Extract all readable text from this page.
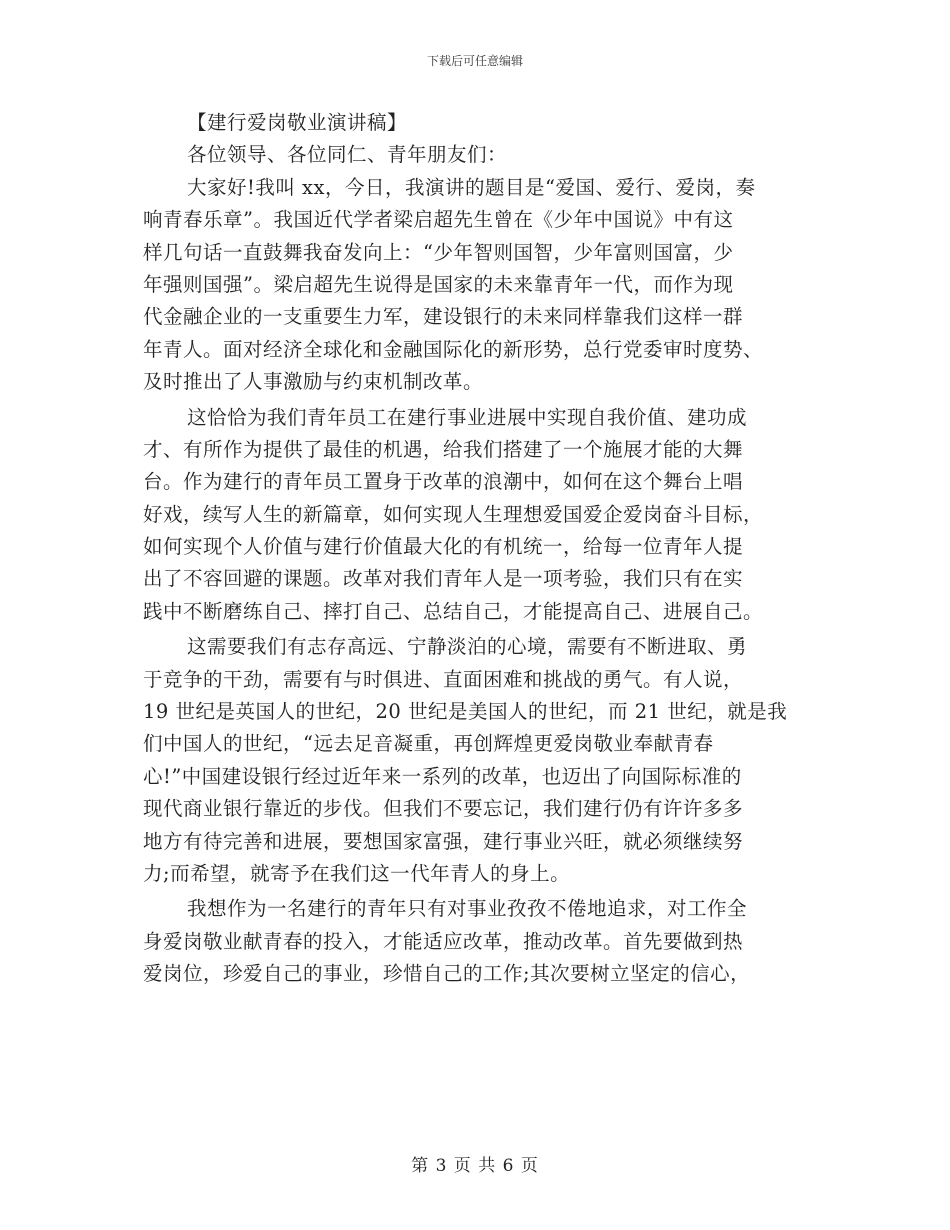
下载后可任意编辑
【建行爱岗敬业演讲稿】
各位领导、各位同仁、青年朋友们：
大家好!我叫 xx，今日，我演讲的题目是“爱国、爱行、爱岗，奏
响青春乐章”。我国近代学者梁启超先生曾在《少年中国说》中有这
样几句话一直鼓舞我奋发向上：“少年智则国智，少年富则国富，少
年强则国强”。梁启超先生说得是国家的未来靠青年一代，而作为现
代金融企业的一支重要生力军，建设银行的未来同样靠我们这样一群
年青人。面对经济全球化和金融国际化的新形势，总行党委审时度势、
及时推出了人事激励与约束机制改革。
这恰恰为我们青年员工在建行事业进展中实现自我价值、建功成
才、有所作为提供了最佳的机遇，给我们搭建了一个施展才能的大舞
台。作为建行的青年员工置身于改革的浪潮中，如何在这个舞台上唱
好戏，续写人生的新篇章，如何实现人生理想爱国爱企爱岗奋斗目标，
如何实现个人价值与建行价值最大化的有机统一，给每一位青年人提
出了不容回避的课题。改革对我们青年人是一项考验，我们只有在实
践中不断磨练自己、摔打自己、总结自己，才能提高自己、进展自己。
这需要我们有志存高远、宁静淡泊的心境，需要有不断进取、勇
于竞争的干劲，需要有与时俱进、直面困难和挑战的勇气。有人说，
19 世纪是英国人的世纪，20 世纪是美国人的世纪，而 21 世纪，就是我
们中国人的世纪，“远去足音凝重，再创辉煌更爱岗敬业奉献青春
心!”中国建设银行经过近年来一系列的改革，也迈出了向国际标准的
现代商业银行靠近的步伐。但我们不要忘记，我们建行仍有许许多多
地方有待完善和进展，要想国家富强，建行事业兴旺，就必须继续努
力;而希望，就寄予在我们这一代年青人的身上。
我想作为一名建行的青年只有对事业孜孜不倦地追求，对工作全
身爱岗敬业献青春的投入，才能适应改革，推动改革。首先要做到热
爱岗位，珍爱自己的事业，珍惜自己的工作;其次要树立坚定的信心，
第 3 页 共 6 页
